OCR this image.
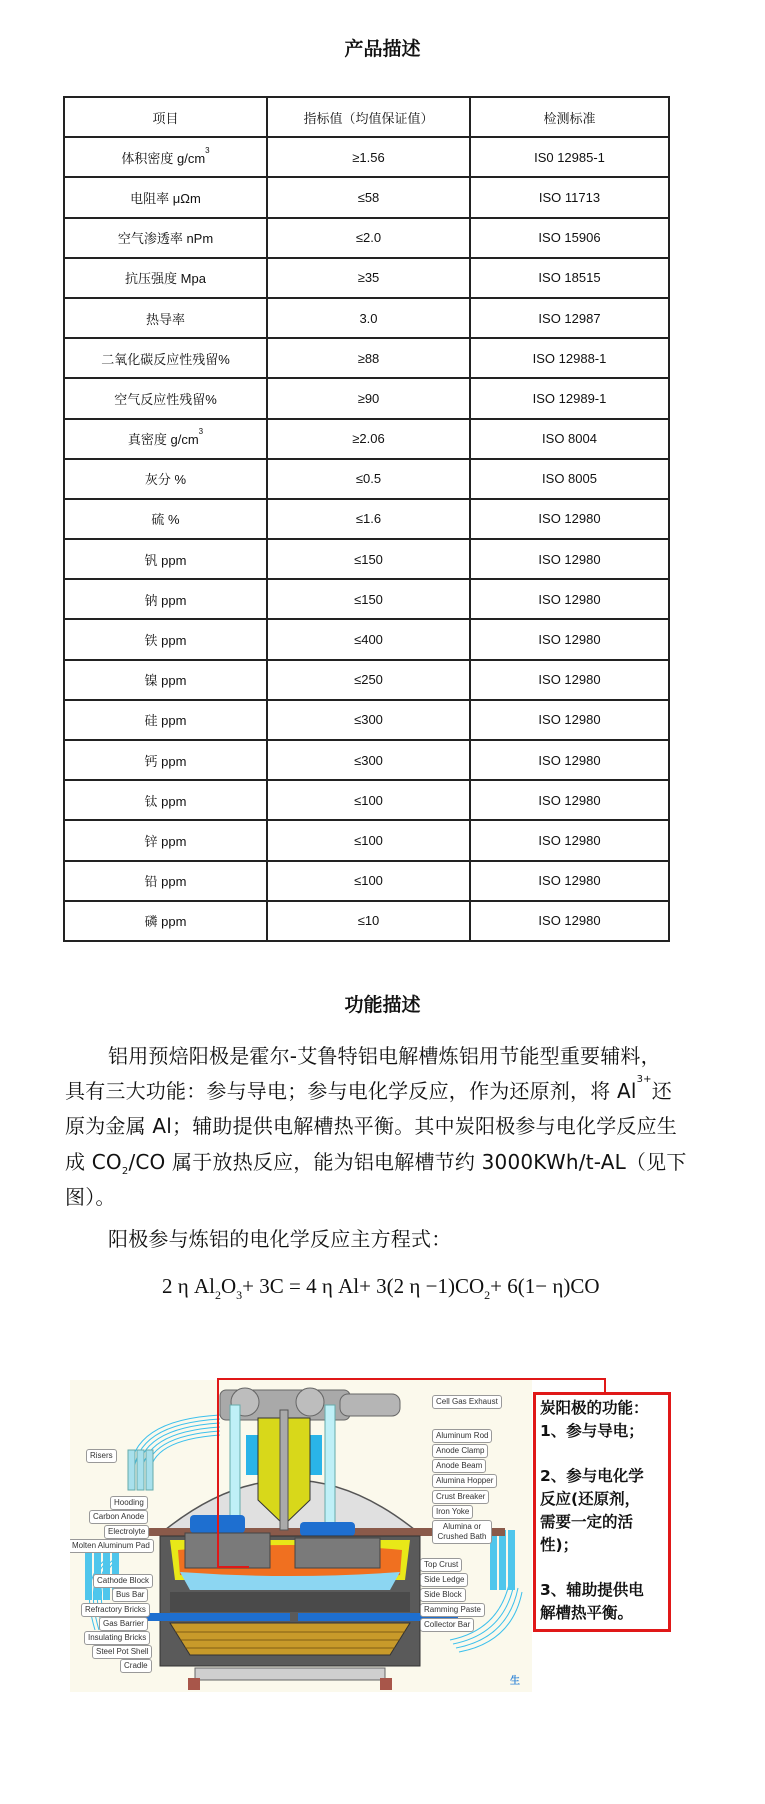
产品描述
项目	指标值（均值保证值）	检测标准
体积密度 $g/cm^3$	≥1.56	IS0 12985-1
电阻率 μΩm	≤58	ISO 11713
空气渗透率 nPm	≤2.0	ISO 15906
抗压强度 Mpa	≥35	ISO 18515
热导率	3.0	ISO 12987
二氧化碳反应性残留%	≥88	ISO 12988-1
空气反应性残留%	≥90	ISO 12989-1
真密度 $g/cm^3$	≥2.06	ISO 8004
灰分 %	≤0.5	ISO 8005
硫 %	≤1.6	ISO 12980
钒 ppm	≤150	ISO 12980
钠 ppm	≤150	ISO 12980
铁 ppm	≤400	ISO 12980
镍 ppm	≤250	ISO 12980
硅 ppm	≤300	ISO 12980
钙 ppm	≤300	ISO 12980
钛 ppm	≤100	ISO 12980
锌 ppm	≤100	ISO 12980
铅 ppm	≤100	ISO 12980
磷 ppm	≤10	ISO 12980
功能描述
铝用预焙阳极是霍尔-艾鲁特铝电解槽炼铝用节能型重要辅料，
具有三大功能：参与导电；参与电化学反应，作为还原剂，将 $Al^{3+}$还
原为金属 Al；辅助提供电解槽热平衡。其中炭阳极参与电化学反应生
成 $CO_2/CO$ 属于放热反应，能为铝电解槽节约 3000KWh/t-AL（见下
图）。
阳极参与炼铝的电化学反应主方程式：
2 η $Al_2O_3+ 3C = 4$ η Al+ 3(2 $\eta -1)CO_2+ 6(1- \eta)CO$
Risers
Hooding
Carbon Anode
Electrolyte
Molten Aluminum Pad
Cathode Block
Bus Bar
Refractory Bricks
Gas Barrier
Insulating Bricks
Steel Pot Shell
Cradle
Cell Gas Exhaust
Aluminum Rod
Anode Clamp
Anode Beam
Alumina Hopper
Crust Breaker
Iron Yoke
Alumina or Crushed Bath
Top Crust
Side Ledge
Side Block
Ramming Paste
Collector Bar
生
炭阳极的功能：
1、参与导电；
2、参与电化学
反应(还原剂，
需要一定的活
性)；
3、辅助提供电
解槽热平衡。
